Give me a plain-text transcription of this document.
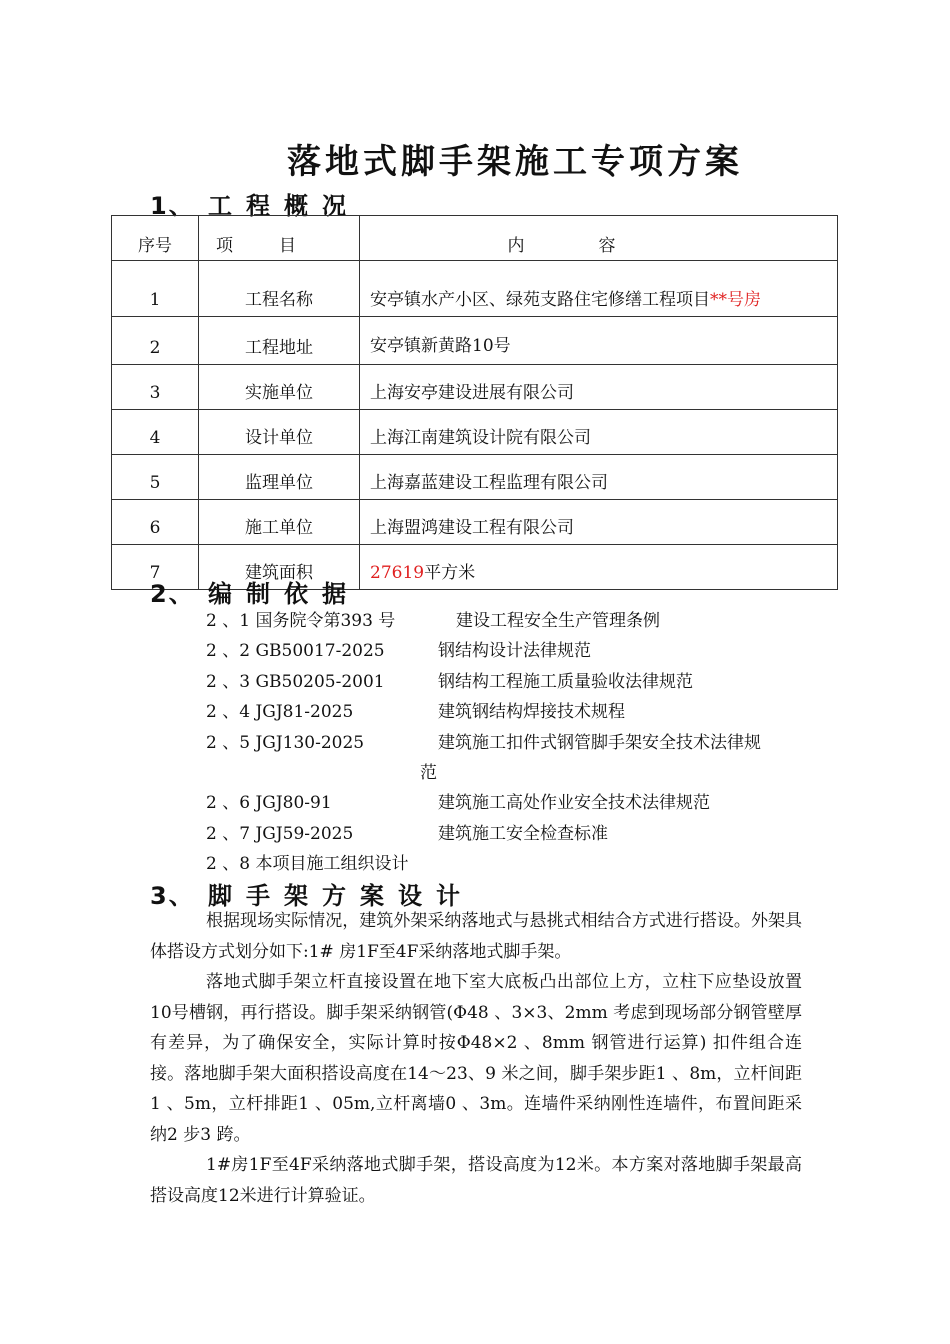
落地式脚手架施工专项方案
1、 工程概况
序号	项目	内容
1	工程名称	安亭镇水产小区、绿苑支路住宅修缮工程项目**号房
2	工程地址	安亭镇新黄路10号
3	实施单位	上海安亭建设进展有限公司
4	设计单位	上海江南建筑设计院有限公司
5	监理单位	上海嘉蓝建设工程监理有限公司
6	施工单位	上海盟鸿建设工程有限公司
7	建筑面积	27619平方米
2、 编制依据
2 、1 国务院令第393 号	建设工程安全生产管理条例
2 、2 GB50017-2025	钢结构设计法律规范
2 、3 GB50205-2001	钢结构工程施工质量验收法律规范
2 、4 JGJ81-2025	建筑钢结构焊接技术规程
2 、5 JGJ130-2025	建筑施工扣件式钢管脚手架安全技术法律规
范
2 、6 JGJ80-91	建筑施工高处作业安全技术法律规范
2 、7 JGJ59-2025	建筑施工安全检查标准
2 、8 本项目施工组织设计
3、 脚手架方案设计

根据现场实际情况，建筑外架采纳落地式与悬挑式相结合方式进行搭设。外架具体搭设方式划分如下:1# 房1F至4F采纳落地式脚手架。

落地式脚手架立杆直接设置在地下室大底板凸出部位上方，立柱下应垫设放置10号槽钢，再行搭设。脚手架采纳钢管(Φ48 、3×3、2mm 考虑到现场部分钢管壁厚有差异，为了确保安全，实际计算时按Φ48×2 、8mm 钢管进行运算) 扣件组合连接。落地脚手架大面积搭设高度在14～23、9 米之间，脚手架步距1 、8m，立杆间距1 、5m，立杆排距1 、05m,立杆离墙0 、3m。连墙件采纳刚性连墙件，布置间距采纳2 步3 跨。

1#房1F至4F采纳落地式脚手架，搭设高度为12米。本方案对落地脚手架最高搭设高度12米进行计算验证。
